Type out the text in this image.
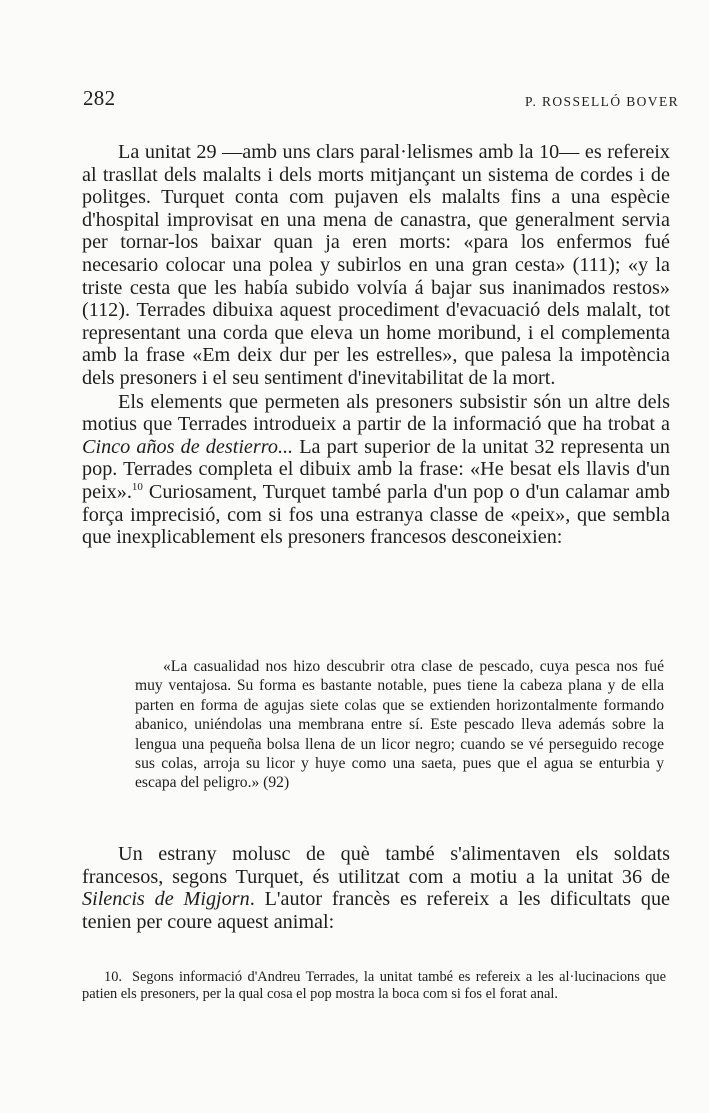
282	P. ROSSELLÓ BOVER

La unitat 29 —amb uns clars paral·lelismes amb la 10— es refereix al trasllat dels malalts i dels morts mitjançant un sistema de cordes i de politges. Turquet conta com pujaven els malalts fins a una espècie d'hospital improvisat en una mena de canastra, que generalment servia per tornar-los baixar quan ja eren morts: «para los enfermos fué necesario colocar una polea y subirlos en una gran cesta» (111); «y la triste cesta que les había subido volvía á bajar sus inanimados restos» (112). Terrades dibuixa aquest procediment d'evacuació dels malalt, tot representant una corda que eleva un home moribund, i el complementa amb la frase «Em deix dur per les estrelles», que palesa la impotència dels presoners i el seu sentiment d'inevitabilitat de la mort.

Els elements que permeten als presoners subsistir són un altre dels motius que Terrades introdueix a partir de la informació que ha trobat a Cinco años de destierro... La part superior de la unitat 32 representa un pop. Terrades completa el dibuix amb la frase: «He besat els llavis d'un peix».$^{10}$ Curiosament, Turquet també parla d'un pop o d'un calamar amb força imprecisió, com si fos una estranya classe de «peix», que sembla que inexplicablement els presoners francesos desconeixien:

«La casualidad nos hizo descubrir otra clase de pescado, cuya pesca nos fué muy ventajosa. Su forma es bastante notable, pues tiene la cabeza plana y de ella parten en forma de agujas siete colas que se extienden horizontalmente formando abanico, uniéndolas una membrana entre sí. Este pescado lleva además sobre la lengua una pequeña bolsa llena de un licor negro; cuando se vé perseguido recoge sus colas, arroja su licor y huye como una saeta, pues que el agua se enturbia y escapa del peligro.» (92)

Un estrany molusc de què també s'alimentaven els soldats francesos, segons Turquet, és utilitzat com a motiu a la unitat 36 de Silencis de Migjorn. L'autor francès es refereix a les dificultats que tenien per coure aquest animal:

10. Segons informació d'Andreu Terrades, la unitat també es refereix a les al·lucinacions que patien els presoners, per la qual cosa el pop mostra la boca com si fos el forat anal.
